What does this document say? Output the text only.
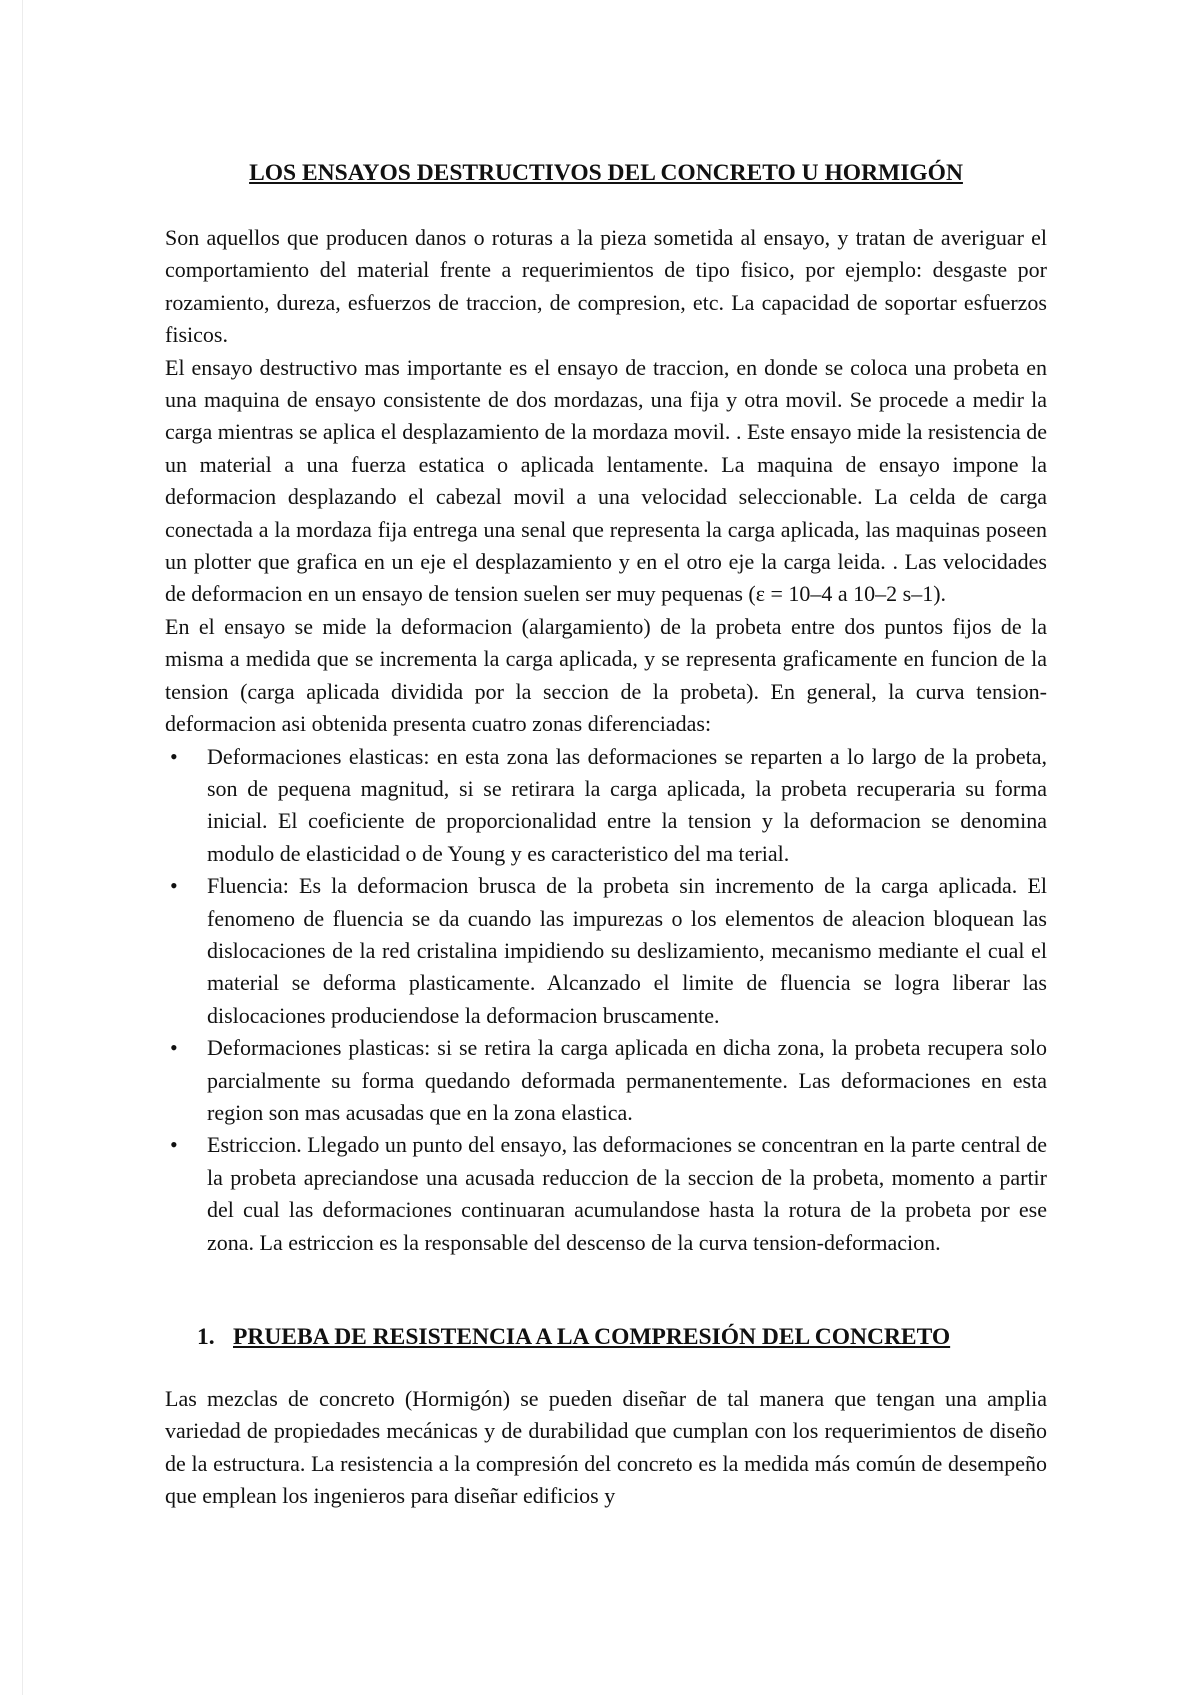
LOS ENSAYOS DESTRUCTIVOS DEL CONCRETO U HORMIGÓN

Son aquellos que producen danos o roturas a la pieza sometida al ensayo, y tratan de averiguar el comportamiento del material frente a requerimientos de tipo fisico, por ejemplo: desgaste por rozamiento, dureza, esfuerzos de traccion, de compresion, etc. La capacidad de soportar esfuerzos fisicos.

El ensayo destructivo mas importante es el ensayo de traccion, en donde se coloca una probeta en una maquina de ensayo consistente de dos mordazas, una fija y otra movil. Se procede a medir la carga mientras se aplica el desplazamiento de la mordaza movil. . Este ensayo mide la resistencia de un material a una fuerza estatica o aplicada lentamente. La maquina de ensayo impone la deformacion desplazando el cabezal movil a una velocidad seleccionable. La celda de carga conectada a la mordaza fija entrega una senal que representa la carga aplicada, las maquinas poseen un plotter que grafica en un eje el desplazamiento y en el otro eje la carga leida. . Las velocidades de deformacion en un ensayo de tension suelen ser muy pequenas (ε = 10–4 a 10–2 s–1).

En el ensayo se mide la deformacion (alargamiento) de la probeta entre dos puntos fijos de la misma a medida que se incrementa la carga aplicada, y se representa graficamente en funcion de la tension (carga aplicada dividida por la seccion de la probeta). En general, la curva tension-deformacion asi obtenida presenta cuatro zonas diferenciadas:

•	Deformaciones elasticas: en esta zona las deformaciones se reparten a lo largo de la probeta, son de pequena magnitud, si se retirara la carga aplicada, la probeta recuperaria su forma inicial. El coeficiente de proporcionalidad entre la tension y la deformacion se denomina modulo de elasticidad o de Young y es caracteristico del ma terial.
•	Fluencia: Es la deformacion brusca de la probeta sin incremento de la carga aplicada. El fenomeno de fluencia se da cuando las impurezas o los elementos de aleacion bloquean las dislocaciones de la red cristalina impidiendo su deslizamiento, mecanismo mediante el cual el material se deforma plasticamente. Alcanzado el limite de fluencia se logra liberar las dislocaciones produciendose la deformacion bruscamente.
•	Deformaciones plasticas: si se retira la carga aplicada en dicha zona, la probeta recupera solo parcialmente su forma quedando deformada permanentemente. Las deformaciones en esta region son mas acusadas que en la zona elastica.
•	Estriccion. Llegado un punto del ensayo, las deformaciones se concentran en la parte central de la probeta apreciandose una acusada reduccion de la seccion de la probeta, momento a partir del cual las deformaciones continuaran acumulandose hasta la rotura de la probeta por ese zona. La estriccion es la responsable del descenso de la curva tension-deformacion.
1. PRUEBA DE RESISTENCIA A LA COMPRESIÓN DEL CONCRETO

Las mezclas de concreto (Hormigón) se pueden diseñar de tal manera que tengan una amplia variedad de propiedades mecánicas y de durabilidad que cumplan con los requerimientos de diseño de la estructura. La resistencia a la compresión del concreto es la medida más común de desempeño que emplean los ingenieros para diseñar edificios y
